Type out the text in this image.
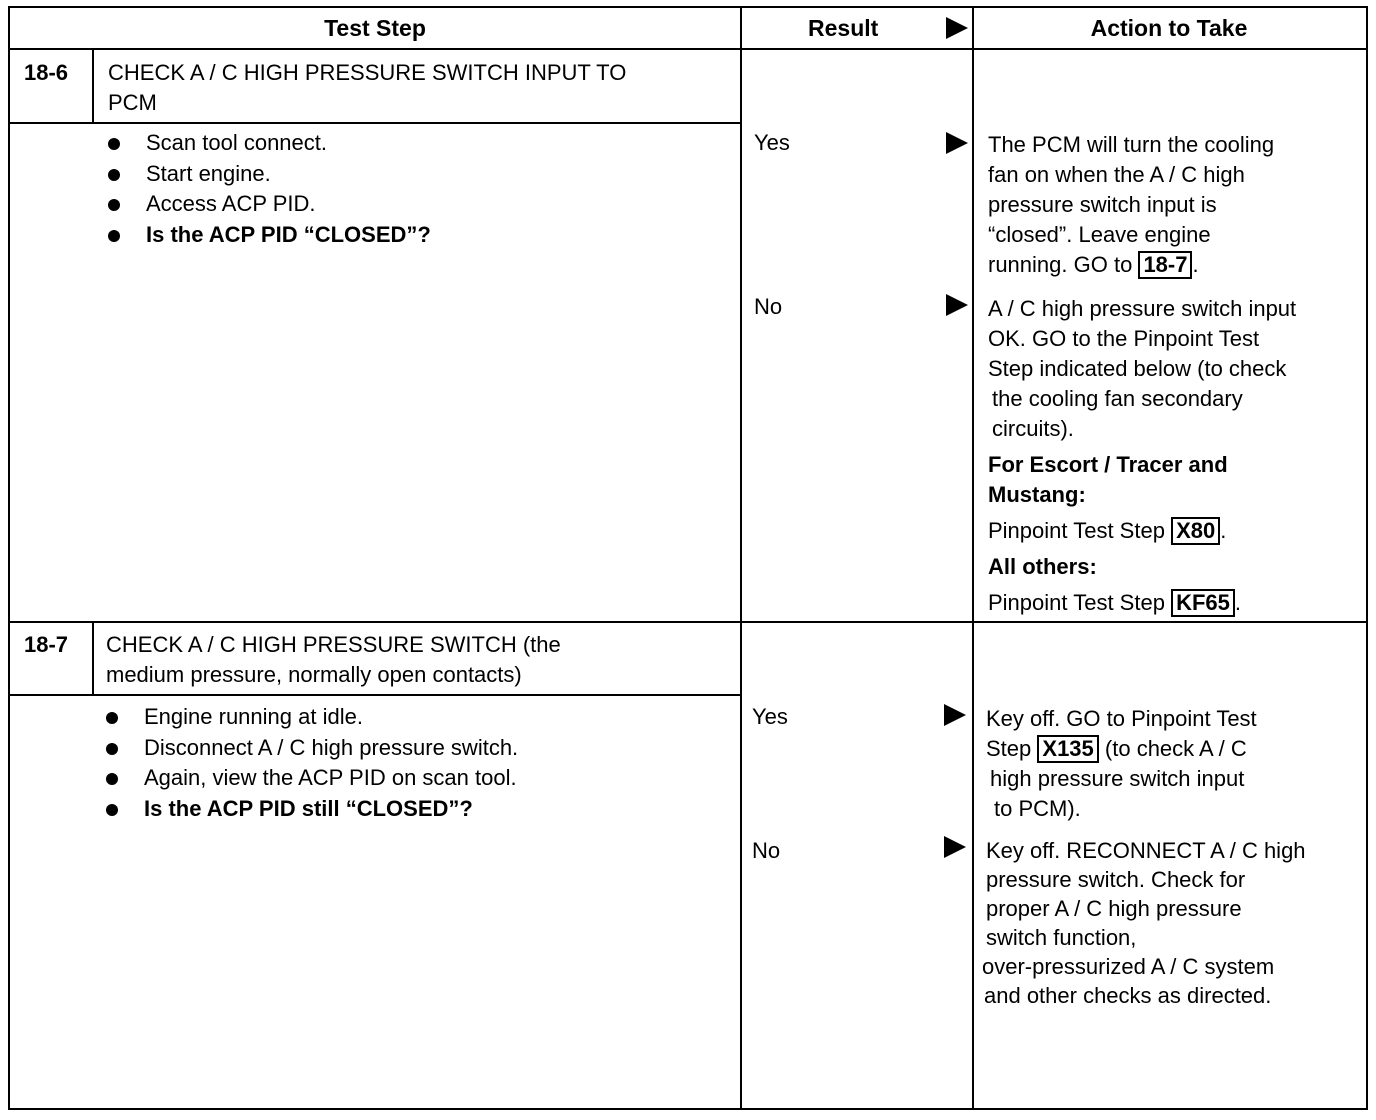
Test Step	Result	Action to Take
18-6 CHECK A / C HIGH PRESSURE SWITCH INPUT TO
PCM
Scan tool connect.
Start engine.
Access ACP PID.
Is the ACP PID “CLOSED”?
Yes	The PCM will turn the cooling

fan on when the A / C high

pressure switch input is

“closed”. Leave engine

running. GO to 18-7 .

No	A / C high pressure switch input

OK. GO to the Pinpoint Test

Step indicated below (to check

the cooling fan secondary

circuits).

For Escort / Tracer and

Mustang:

Pinpoint Test Step X80 .

All others:

Pinpoint Test Step KF65 .

18-7 CHECK A / C HIGH PRESSURE SWITCH (the
medium pressure, normally open contacts)
Engine running at idle.
Disconnect A / C high pressure switch.
Again, view the ACP PID on scan tool.
Is the ACP PID still “CLOSED”?
Yes	Key off. GO to Pinpoint Test

Step X135 (to check A / C

high pressure switch input

to PCM).

No	Key off. RECONNECT A / C high

pressure switch. Check for

proper A / C high pressure

switch function,

over-pressurized A / C system

and other checks as directed.
